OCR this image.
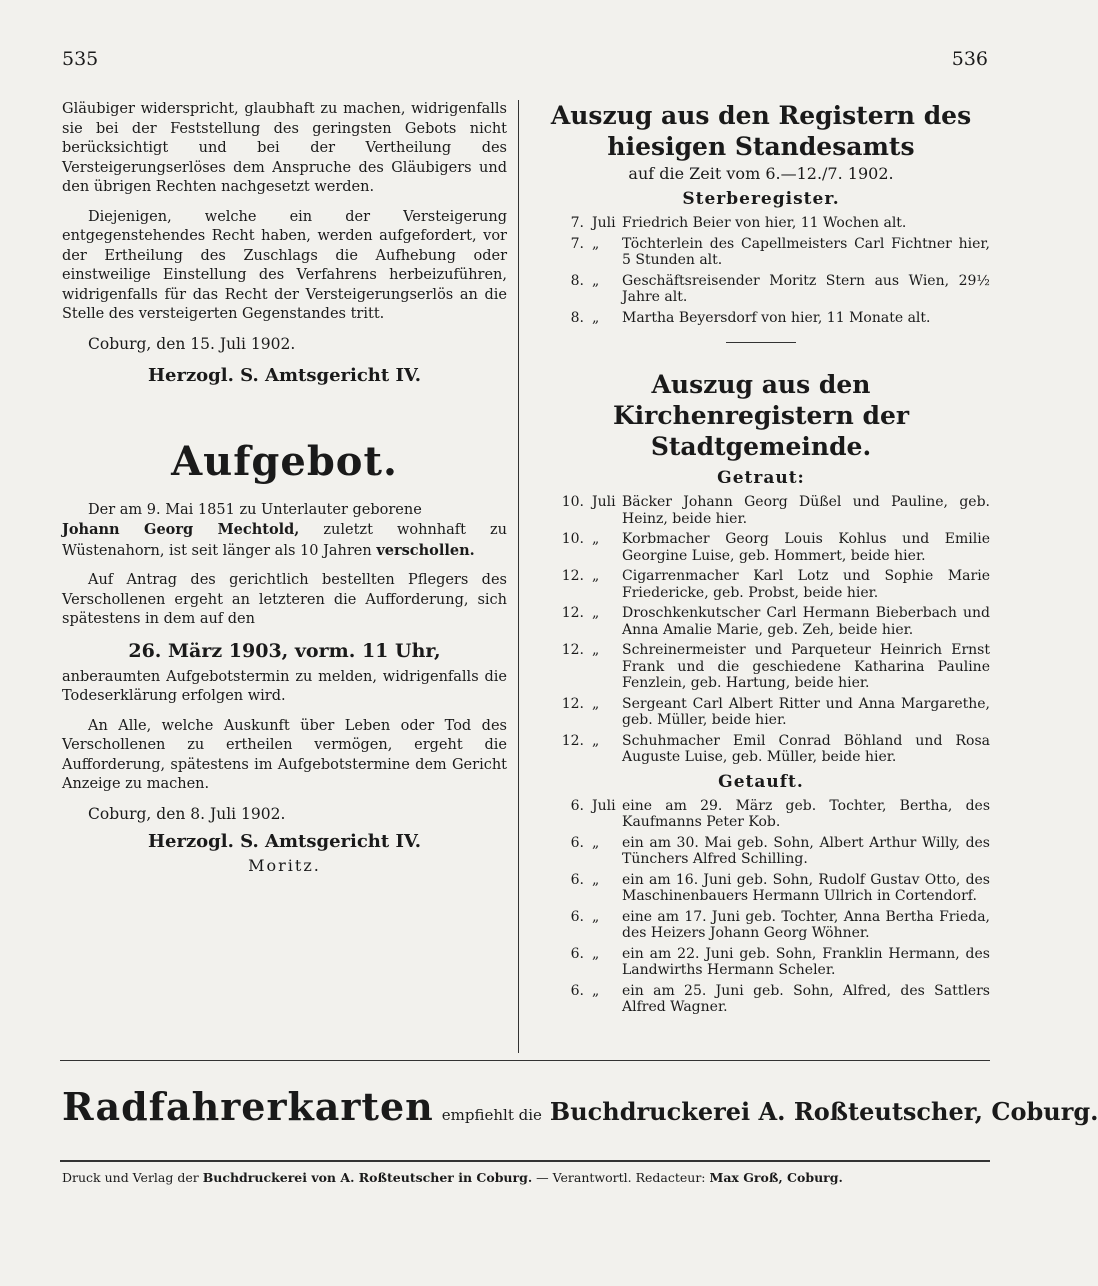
535	536

Gläubiger widerspricht, glaubhaft zu machen, widrigenfalls sie bei der Feststellung des geringsten Gebots nicht berücksichtigt und bei der Vertheilung des Versteigerungserlöses dem Anspruche des Gläubigers und den übrigen Rechten nachgesetzt werden.

Diejenigen, welche ein der Versteigerung entgegenstehendes Recht haben, werden aufgefordert, vor der Ertheilung des Zuschlags die Aufhebung oder einstweilige Einstellung des Verfahrens herbeizuführen, widrigenfalls für das Recht der Versteigerungserlös an die Stelle des versteigerten Gegenstandes tritt.

Coburg, den 15. Juli 1902.
Herzogl. S. Amtsgericht IV.
Aufgebot.

Der am 9. Mai 1851 zu Unterlauter geborene
Johann Georg Mechtold, zuletzt wohnhaft zu Wüstenahorn, ist seit länger als 10 Jahren verschollen.

Auf Antrag des gerichtlich bestellten Pflegers des Verschollenen ergeht an letzteren die Aufforderung, sich spätestens in dem auf den

26. März 1903, vorm. 11 Uhr,

anberaumten Aufgebotstermin zu melden, widrigenfalls die Todeserklärung erfolgen wird.

An Alle, welche Auskunft über Leben oder Tod des Verschollenen zu ertheilen vermögen, ergeht die Aufforderung, spätestens im Aufgebotstermine dem Gericht Anzeige zu machen.

Coburg, den 8. Juli 1902.
Herzogl. S. Amtsgericht IV.
Moritz.
Auszug aus den Registern des hiesigen Standesamts
auf die Zeit vom 6.—12./7. 1902.
Sterberegister.
7. Juli Friedrich Beier von hier, 11 Wochen alt.
7. „	Töchterlein des Capellmeisters Carl Fichtner hier, 5 Stunden alt.
8. „	Geschäftsreisender Moritz Stern aus Wien, 29½ Jahre alt.
8. „	Martha Beyersdorf von hier, 11 Monate alt.
Auszug aus den Kirchenregistern der Stadtgemeinde.
Getraut:
10. Juli Bäcker Johann Georg Düßel und Pauline, geb. Heinz, beide hier.
10. „	Korbmacher Georg Louis Kohlus und Emilie Georgine Luise, geb. Hommert, beide hier.
12. „	Cigarrenmacher Karl Lotz und Sophie Marie Friedericke, geb. Probst, beide hier.
12. „	Droschkenkutscher Carl Hermann Bieberbach und Anna Amalie Marie, geb. Zeh, beide hier.
12. „	Schreinermeister und Parqueteur Heinrich Ernst Frank und die geschiedene Katharina Pauline Fenzlein, geb. Hartung, beide hier.
12. „	Sergeant Carl Albert Ritter und Anna Margarethe, geb. Müller, beide hier.
12. „	Schuhmacher Emil Conrad Böhland und Rosa Auguste Luise, geb. Müller, beide hier.
Getauft.
6. Juli eine am 29. März geb. Tochter, Bertha, des Kaufmanns Peter Kob.
6. „	ein am 30. Mai geb. Sohn, Albert Arthur Willy, des Tünchers Alfred Schilling.
6. „	ein am 16. Juni geb. Sohn, Rudolf Gustav Otto, des Maschinenbauers Hermann Ullrich in Cortendorf.
6. „	eine am 17. Juni geb. Tochter, Anna Bertha Frieda, des Heizers Johann Georg Wöhner.
6. „	ein am 22. Juni geb. Sohn, Franklin Hermann, des Landwirths Hermann Scheler.
6. „	ein am 25. Juni geb. Sohn, Alfred, des Sattlers Alfred Wagner.
Radfahrerkarten empfiehlt die Buchdruckerei A. Roßteutscher, Coburg.
Druck und Verlag der Buchdruckerei von A. Roßteutscher in Coburg. — Verantwortl. Redacteur: Max Groß, Coburg.
